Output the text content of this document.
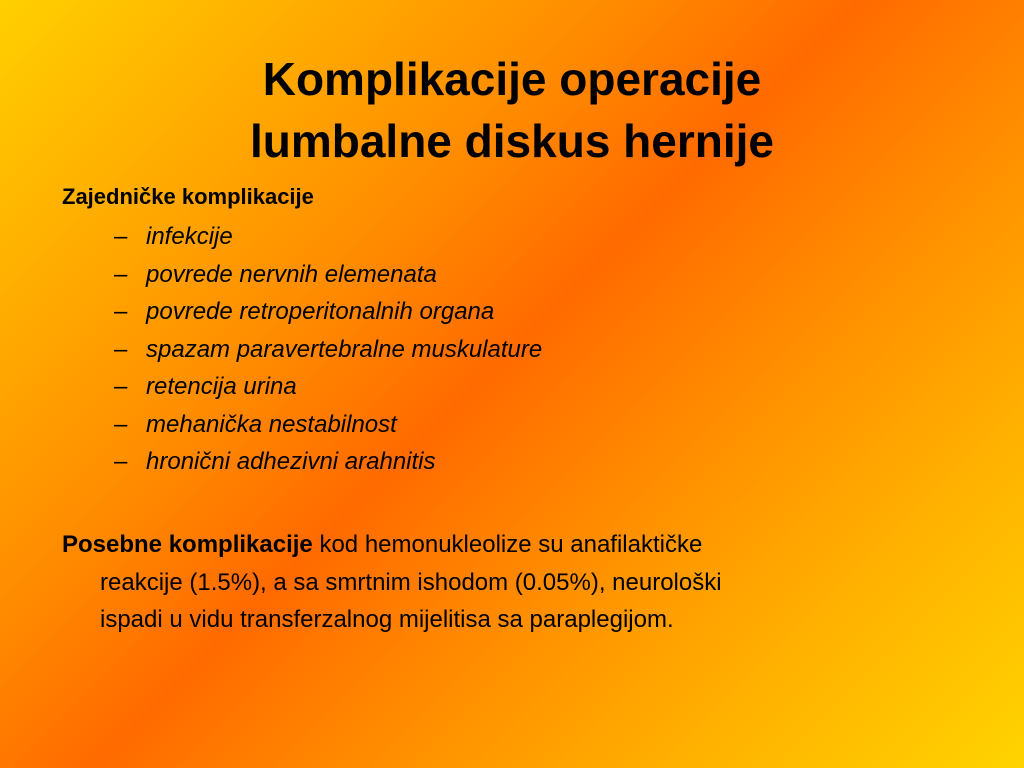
Komplikacije operacije
lumbalne diskus hernije

Zajedničke komplikacije

– infekcije
– povrede nervnih elemenata
– povrede retroperitonalnih organa
– spazam paravertebralne muskulature
– retencija urina
– mehanička nestabilnost
– hronični adhezivni arahnitis

Posebne komplikacije kod hemonukleolize su anafilaktičke
reakcije (1.5%), a sa smrtnim ishodom (0.05%), neurološki
ispadi u vidu transferzalnog mijelitisa sa paraplegijom.
